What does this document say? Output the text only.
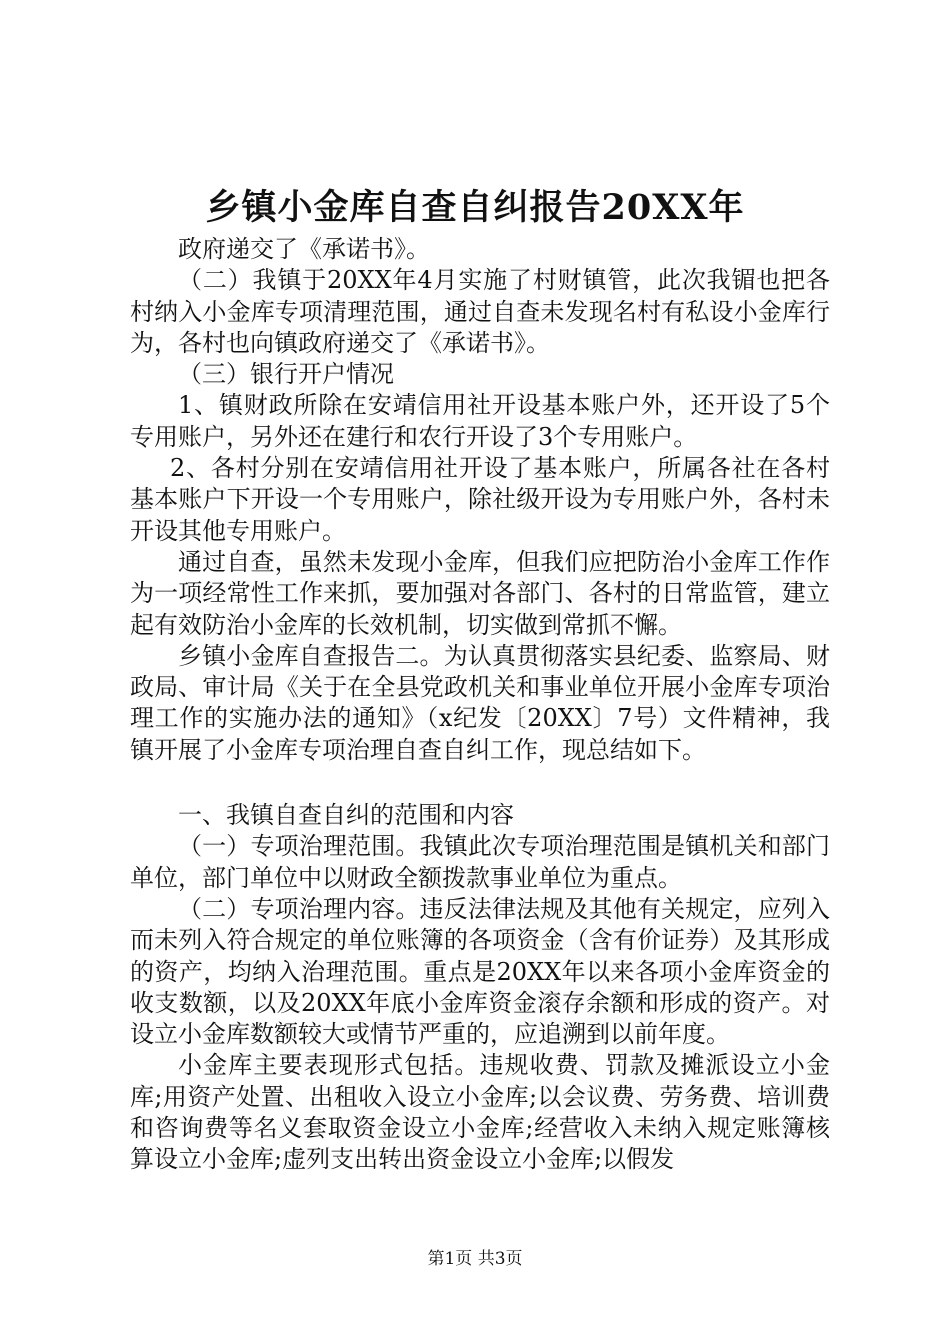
乡镇小金库自查自纠报告20XX年

政府递交了《承诺书》。

（二）我镇于20XX年4月实施了村财镇管，此次我镅也把各村纳入小金库专项清理范围，通过自查未发现名村有私设小金库行为，各村也向镇政府递交了《承诺书》。

（三）银行开户情况

1、镇财政所除在安靖信用社开设基本账户外，还开设了5个专用账户，另外还在建行和农行开设了3个专用账户。

2、各村分别在安靖信用社开设了基本账户，所属各社在各村基本账户下开设一个专用账户，除社级开设为专用账户外，各村未开设其他专用账户。

通过自查，虽然未发现小金库，但我们应把防治小金库工作作为一项经常性工作来抓，要加强对各部门、各村的日常监管，建立起有效防治小金库的长效机制，切实做到常抓不懈。

乡镇小金库自查报告二。为认真贯彻落实县纪委、监察局、财政局、审计局《关于在全县党政机关和事业单位开展小金库专项治理工作的实施办法的通知》（x纪发〔20XX〕7号）文件精神，我镇开展了小金库专项治理自查自纠工作，现总结如下。

一、我镇自查自纠的范围和内容

（一）专项治理范围。我镇此次专项治理范围是镇机关和部门单位，部门单位中以财政全额拨款事业单位为重点。

（二）专项治理内容。违反法律法规及其他有关规定，应列入而未列入符合规定的单位账簿的各项资金（含有价证券）及其形成的资产，均纳入治理范围。重点是20XX年以来各项小金库资金的收支数额，以及20XX年底小金库资金滚存余额和形成的资产。对设立小金库数额较大或情节严重的，应追溯到以前年度。

小金库主要表现形式包括。违规收费、罚款及摊派设立小金库;用资产处置、出租收入设立小金库;以会议费、劳务费、培训费和咨询费等名义套取资金设立小金库;经营收入未纳入规定账簿核算设立小金库;虚列支出转出资金设立小金库;以假发

第1页 共3页
